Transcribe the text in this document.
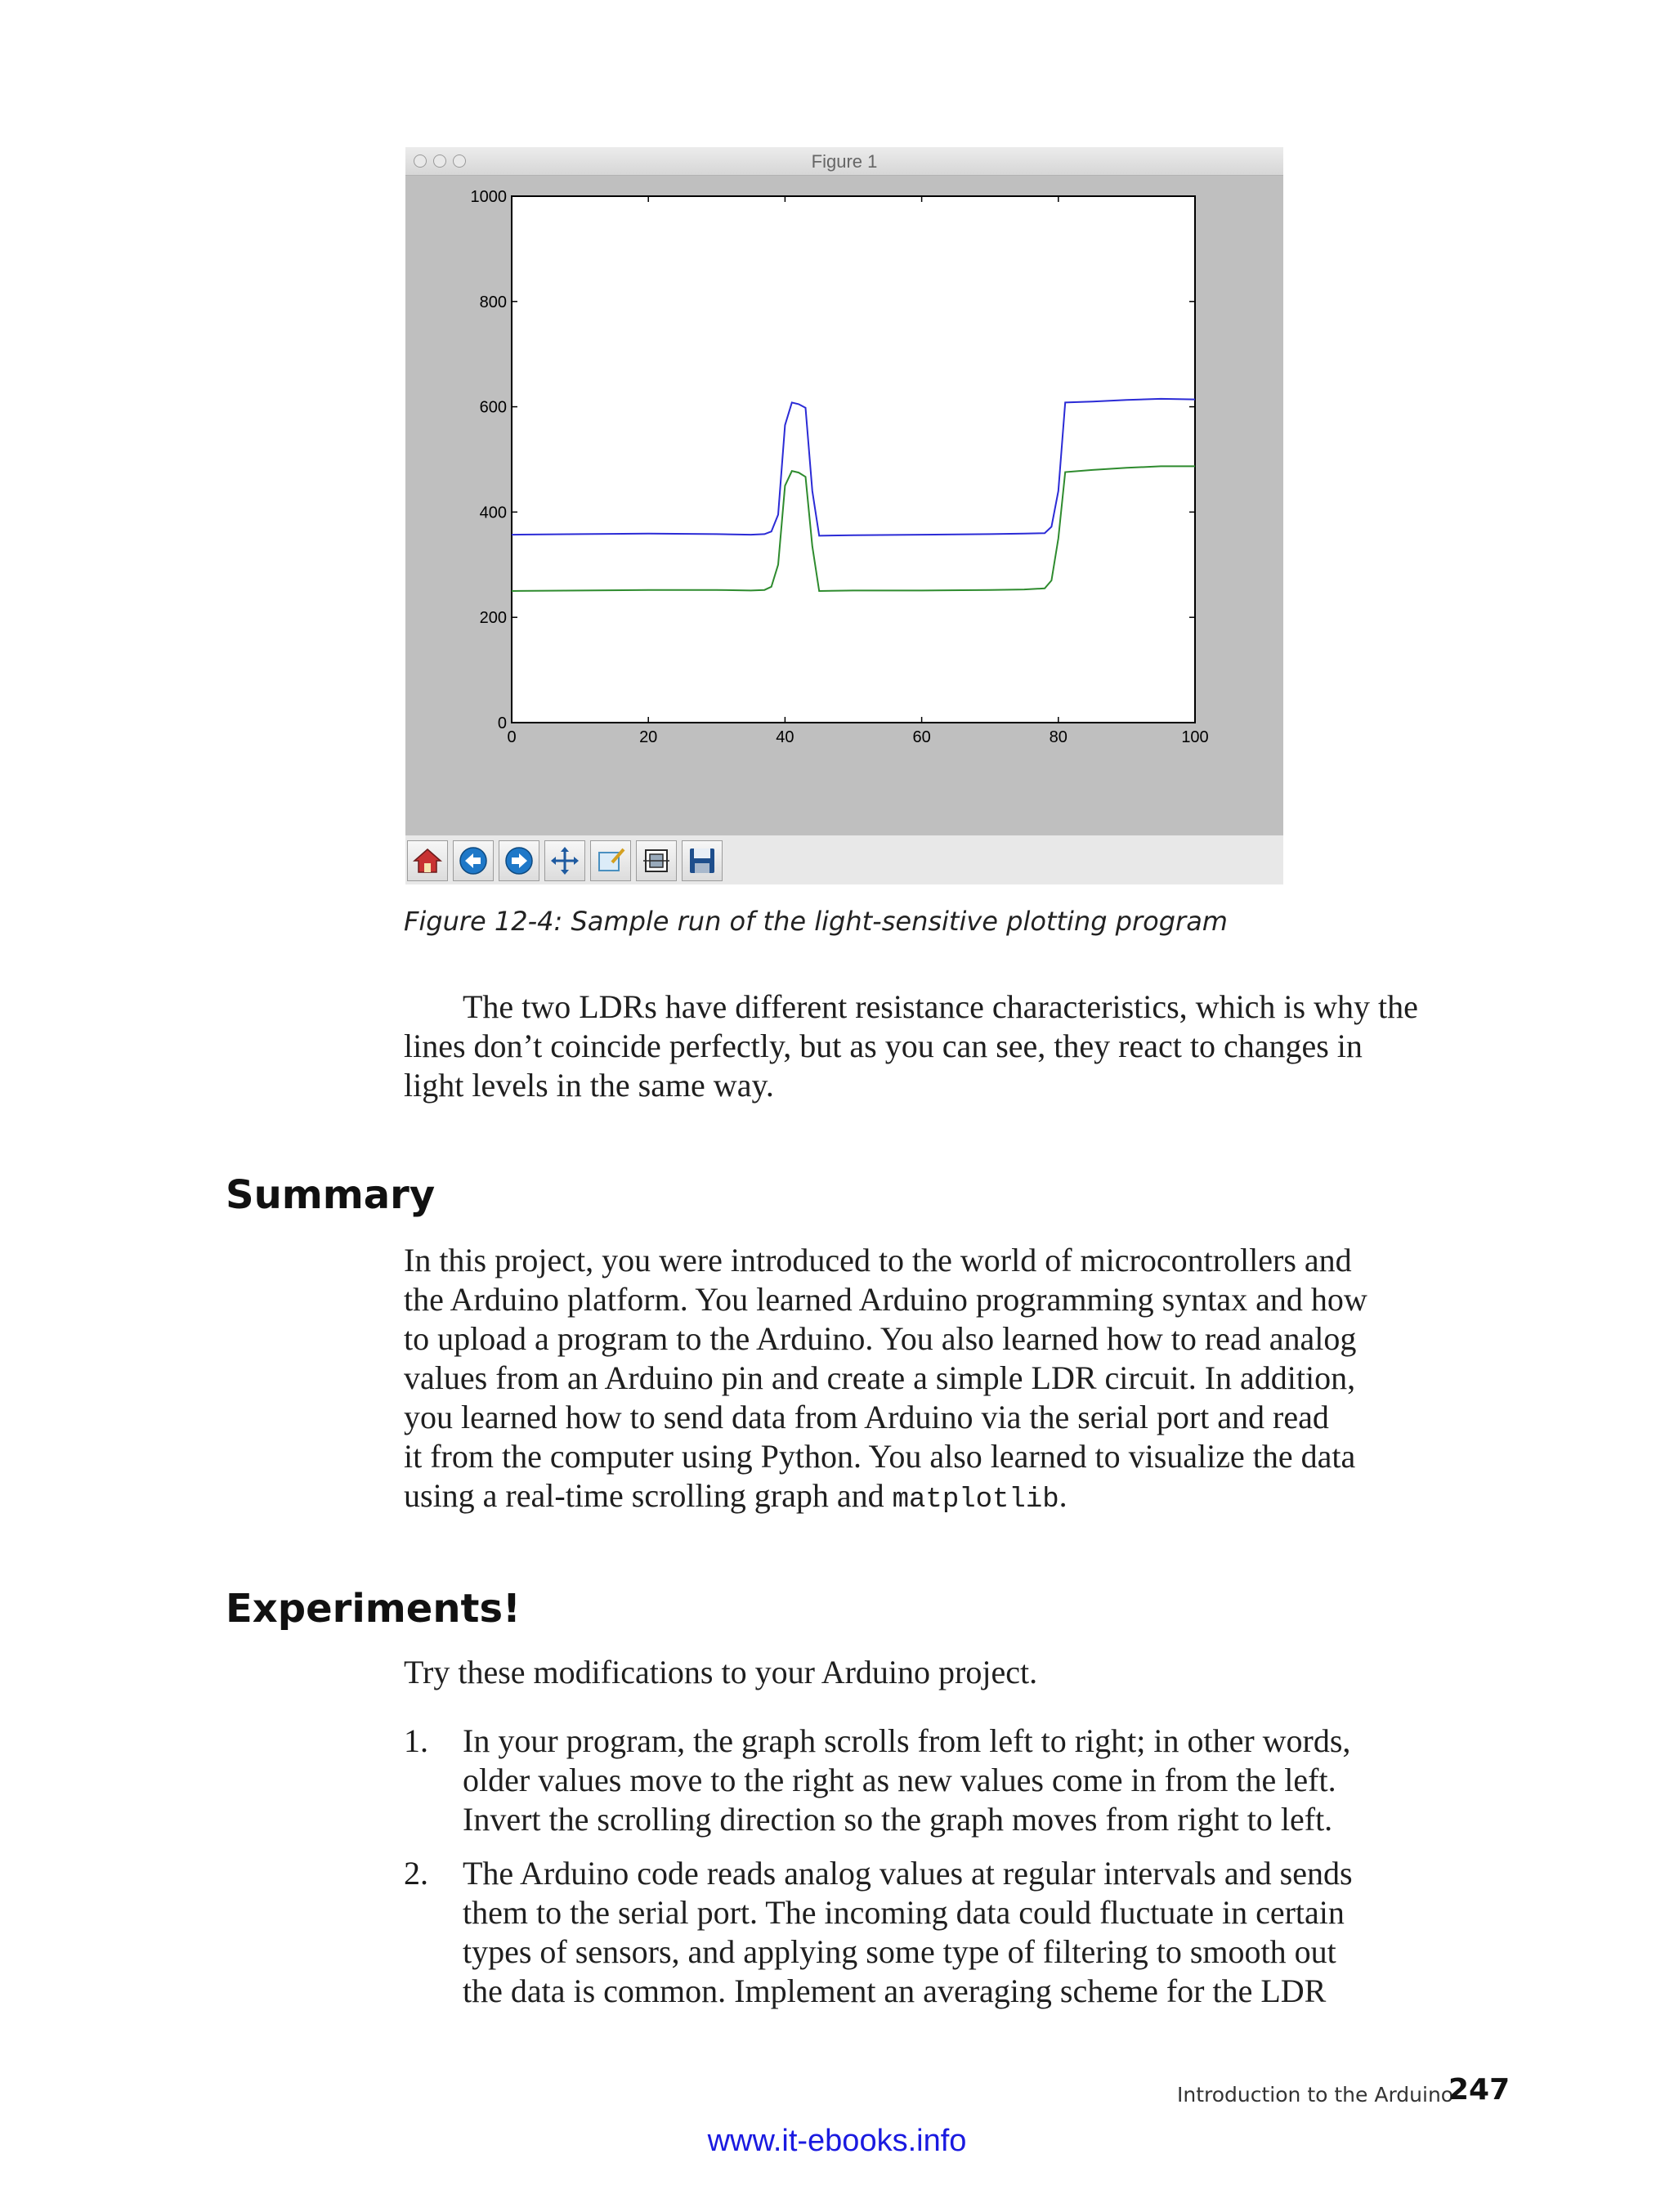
Figure 1
0
200
400
600
800
1000
0	20	40	60	80	100

Figure 12-4: Sample run of the light-sensitive plotting program

The two LDRs have different resistance characteristics, which is why the
lines don’t coincide perfectly, but as you can see, they react to changes in
light levels in the same way.
Summary
In this project, you were introduced to the world of microcontrollers and
the Arduino platform. You learned Arduino programming syntax and how
to upload a program to the Arduino. You also learned how to read analog
values from an Arduino pin and create a simple LDR circuit. In addition,
you learned how to send data from Arduino via the serial port and read
it from the computer using Python. You also learned to visualize the data
using a real-time scrolling graph and matplotlib.
Experiments!
Try these modifications to your Arduino project.
1. In your program, the graph scrolls from left to right; in other words,
older values move to the right as new values come in from the left.
Invert the scrolling direction so the graph moves from right to left.
2. The Arduino code reads analog values at regular intervals and sends
them to the serial port. The incoming data could fluctuate in certain
types of sensors, and applying some type of filtering to smooth out
the data is common. Implement an averaging scheme for the LDR

Introduction to the Arduino

247

www.it-ebooks.info
